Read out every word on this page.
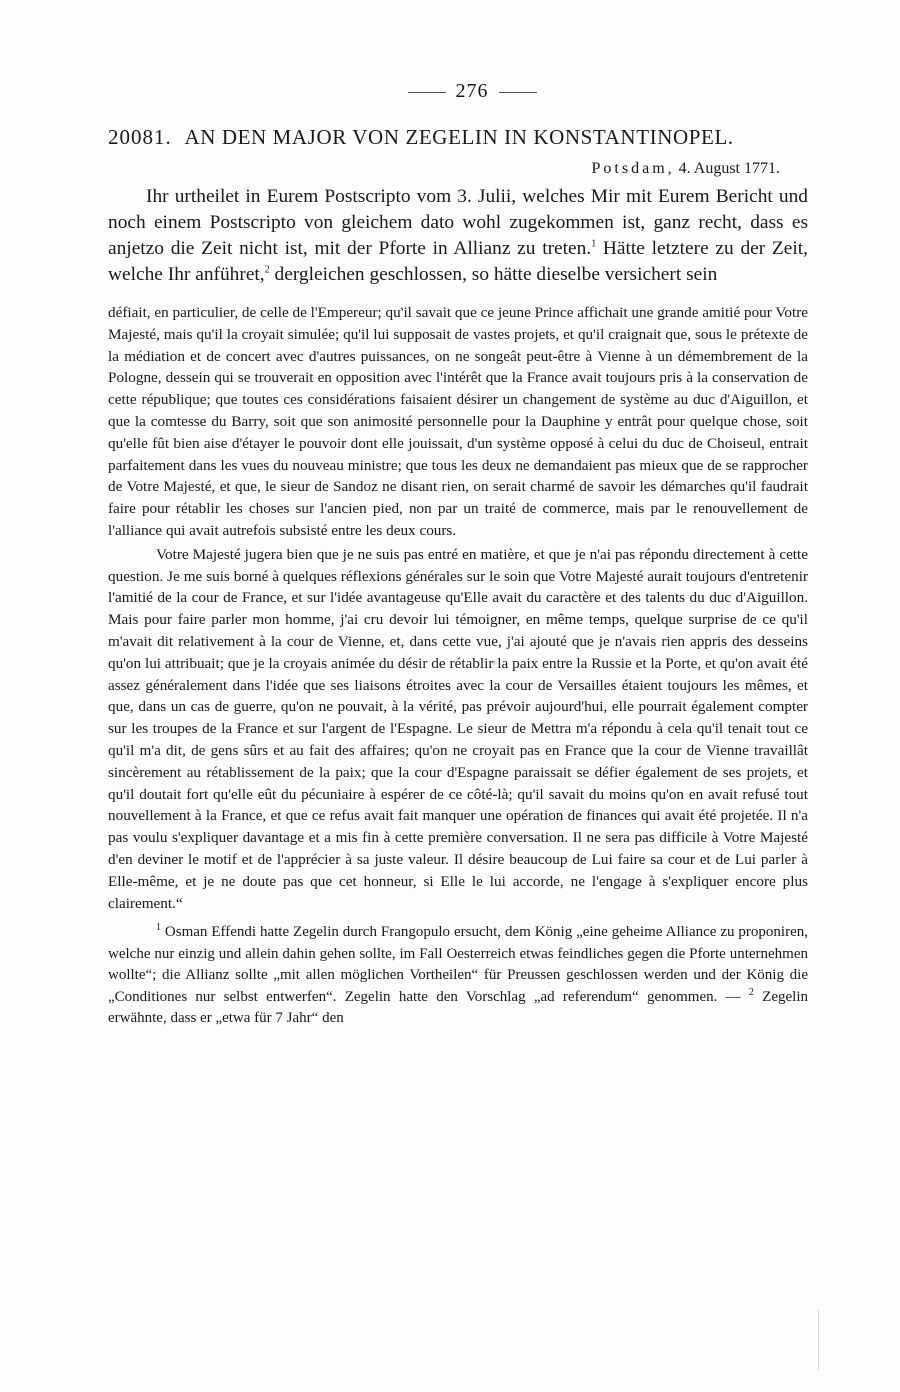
276
20081. AN DEN MAJOR VON ZEGELIN IN KONSTANTINOPEL.
Potsdam, 4. August 1771.

Ihr urtheilet in Eurem Postscripto vom 3. Julii, welches Mir mit Eurem Bericht und noch einem Postscripto von gleichem dato wohl zugekommen ist, ganz recht, dass es anjetzo die Zeit nicht ist, mit der Pforte in Allianz zu treten.$^1$ Hätte letztere zu der Zeit, welche Ihr anführet,$^2$ dergleichen geschlossen, so hätte dieselbe versichert sein

défiait, en particulier, de celle de l'Empereur; qu'il savait que ce jeune Prince affichait une grande amitié pour Votre Majesté, mais qu'il la croyait simulée; qu'il lui supposait de vastes projets, et qu'il craignait que, sous le prétexte de la médiation et de concert avec d'autres puissances, on ne songeât peut-être à Vienne à un démembrement de la Pologne, dessein qui se trouverait en opposition avec l'intérêt que la France avait toujours pris à la conservation de cette république; que toutes ces considérations faisaient désirer un changement de système au duc d'Aiguillon, et que la comtesse du Barry, soit que son animosité personnelle pour la Dauphine y entrât pour quelque chose, soit qu'elle fût bien aise d'étayer le pouvoir dont elle jouissait, d'un système opposé à celui du duc de Choiseul, entrait parfaitement dans les vues du nouveau ministre; que tous les deux ne demandaient pas mieux que de se rapprocher de Votre Majesté, et que, le sieur de Sandoz ne disant rien, on serait charmé de savoir les démarches qu'il faudrait faire pour rétablir les choses sur l'ancien pied, non par un traité de commerce, mais par le renouvellement de l'alliance qui avait autrefois subsisté entre les deux cours.

Votre Majesté jugera bien que je ne suis pas entré en matière, et que je n'ai pas répondu directement à cette question. Je me suis borné à quelques réflexions générales sur le soin que Votre Majesté aurait toujours d'entretenir l'amitié de la cour de France, et sur l'idée avantageuse qu'Elle avait du caractère et des talents du duc d'Aiguillon. Mais pour faire parler mon homme, j'ai cru devoir lui témoigner, en même temps, quelque surprise de ce qu'il m'avait dit relativement à la cour de Vienne, et, dans cette vue, j'ai ajouté que je n'avais rien appris des desseins qu'on lui attribuait; que je la croyais animée du désir de rétablir la paix entre la Russie et la Porte, et qu'on avait été assez généralement dans l'idée que ses liaisons étroites avec la cour de Versailles étaient toujours les mêmes, et que, dans un cas de guerre, qu'on ne pouvait, à la vérité, pas prévoir aujourd'hui, elle pourrait également compter sur les troupes de la France et sur l'argent de l'Espagne. Le sieur de Mettra m'a répondu à cela qu'il tenait tout ce qu'il m'a dit, de gens sûrs et au fait des affaires; qu'on ne croyait pas en France que la cour de Vienne travaillât sincèrement au rétablissement de la paix; que la cour d'Espagne paraissait se défier également de ses projets, et qu'il doutait fort qu'elle eût du pécuniaire à espérer de ce côté-là; qu'il savait du moins qu'on en avait refusé tout nouvellement à la France, et que ce refus avait fait manquer une opération de finances qui avait été projetée. Il n'a pas voulu s'expliquer davantage et a mis fin à cette première conversation. Il ne sera pas difficile à Votre Majesté d'en deviner le motif et de l'apprécier à sa juste valeur. Il désire beaucoup de Lui faire sa cour et de Lui parler à Elle-même, et je ne doute pas que cet honneur, si Elle le lui accorde, ne l'engage à s'expliquer encore plus clairement.“

$^1$ Osman Effendi hatte Zegelin durch Frangopulo ersucht, dem König „eine geheime Alliance zu proponiren, welche nur einzig und allein dahin gehen sollte, im Fall Oesterreich etwas feindliches gegen die Pforte unternehmen wollte“; die Allianz sollte „mit allen möglichen Vortheilen“ für Preussen geschlossen werden und der König die „Conditiones nur selbst entwerfen“. Zegelin hatte den Vorschlag „ad referendum“ genommen. — $^2$ Zegelin erwähnte, dass er „etwa für 7 Jahr“ den
